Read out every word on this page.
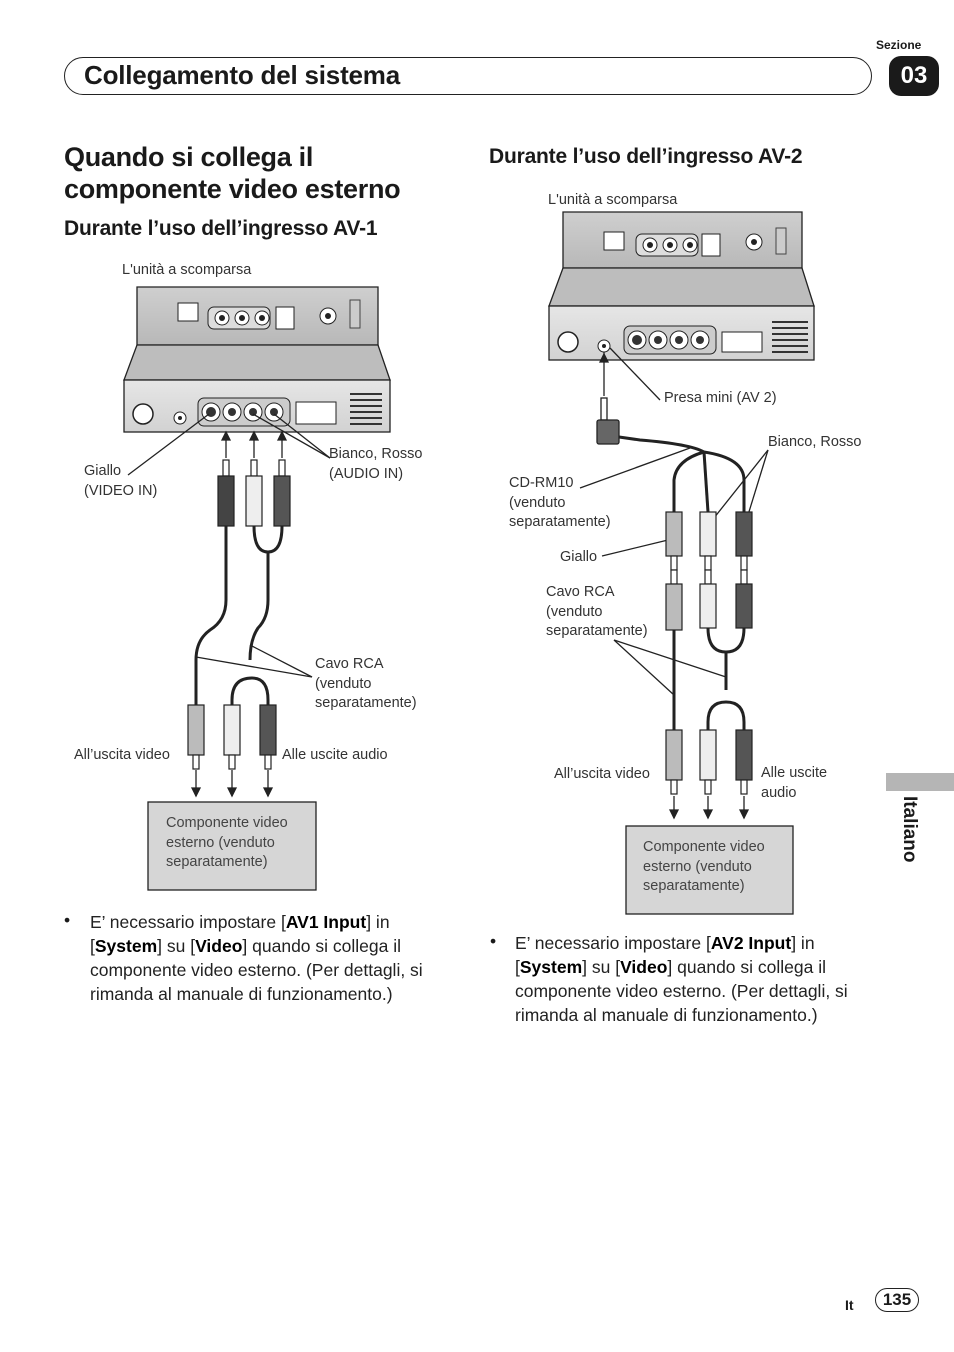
Sezione
Collegamento del sistema	03
Quando si collega il componente video esterno
Durante l’uso dell’ingresso AV-1
Durante l’uso dell’ingresso AV-2
L'unità a scomparsa
Giallo
(VIDEO IN)
Bianco, Rosso
(AUDIO IN)
Cavo RCA
(venduto
separatamente)
All’uscita video	Alle uscite audio
Componente video
esterno (venduto
separatamente)
L'unità a scomparsa
Presa mini (AV 2)
Bianco, Rosso
CD-RM10
(venduto
separatamente)
Giallo
Cavo RCA
(venduto
separatamente)
All’uscita video	Alle uscite
audio
Componente video
esterno (venduto
separatamente)
• E’ necessario impostare [AV1 Input] in
[System] su [Video] quando si collega il
componente video esterno. (Per dettagli, si
rimanda al manuale di funzionamento.)
• E’ necessario impostare [AV2 Input] in
[System] su [Video] quando si collega il
componente video esterno. (Per dettagli, si
rimanda al manuale di funzionamento.)
Italiano
It	135
